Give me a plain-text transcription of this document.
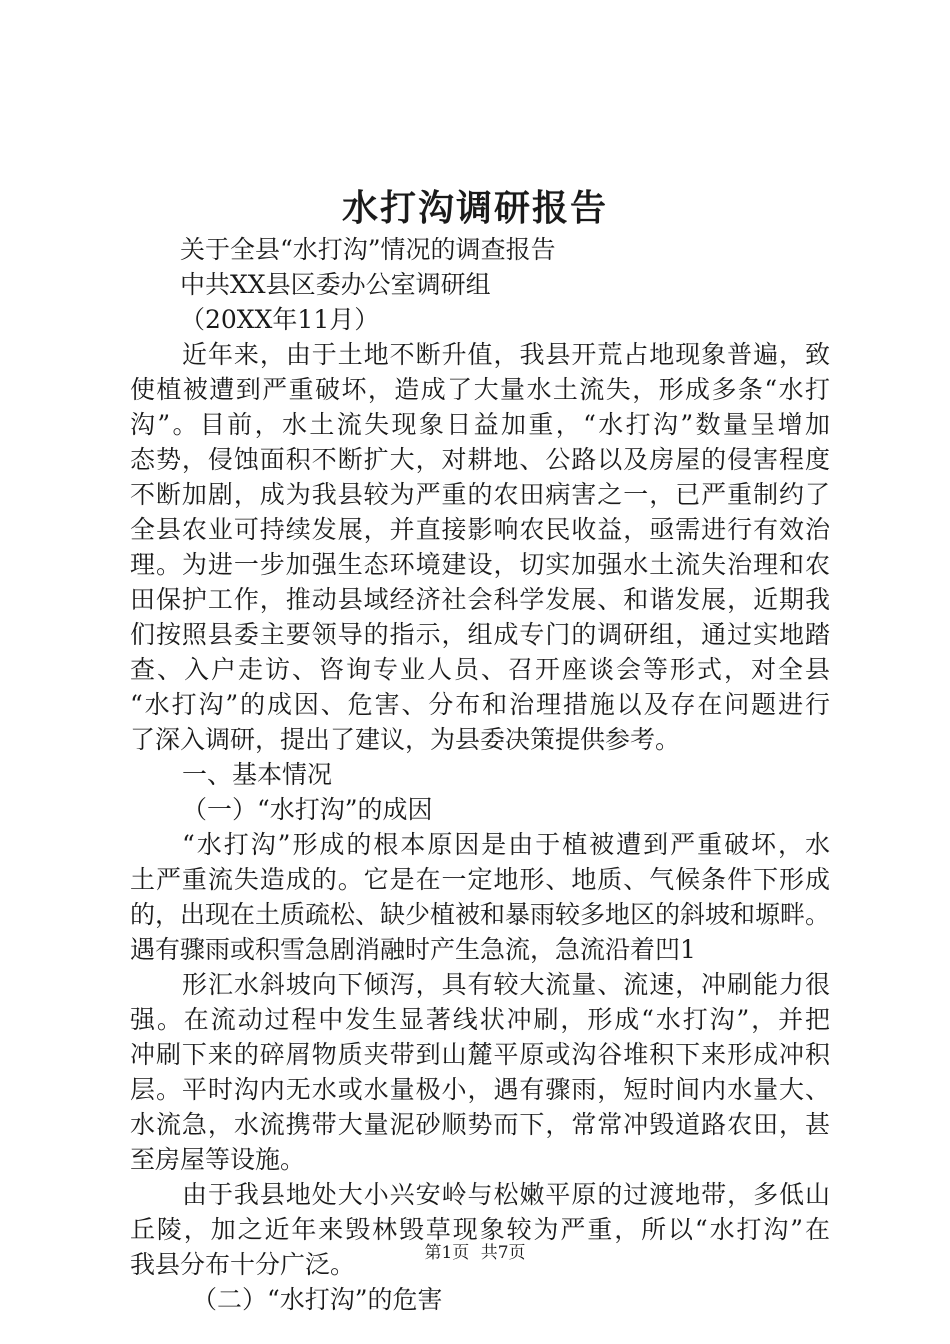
水打沟调研报告

关于全县“水打沟”情况的调查报告

中共XX县区委办公室调研组

（20XX年11月）

近年来，由于土地不断升值，我县开荒占地现象普遍，致

使植被遭到严重破坏，造成了大量水土流失，形成多条“水打

沟”。目前，水土流失现象日益加重，“水打沟”数量呈增加

态势，侵蚀面积不断扩大，对耕地、公路以及房屋的侵害程度

不断加剧，成为我县较为严重的农田病害之一，已严重制约了

全县农业可持续发展，并直接影响农民收益，亟需进行有效治

理。为进一步加强生态环境建设，切实加强水土流失治理和农

田保护工作，推动县域经济社会科学发展、和谐发展，近期我

们按照县委主要领导的指示，组成专门的调研组，通过实地踏

查、入户走访、咨询专业人员、召开座谈会等形式，对全县

“水打沟”的成因、危害、分布和治理措施以及存在问题进行

了深入调研，提出了建议，为县委决策提供参考。

一、基本情况

（一）“水打沟”的成因

“水打沟”形成的根本原因是由于植被遭到严重破坏，水

土严重流失造成的。它是在一定地形、地质、气候条件下形成

的，出现在土质疏松、缺少植被和暴雨较多地区的斜坡和塬畔。

遇有骤雨或积雪急剧消融时产生急流，急流沿着凹1

形汇水斜坡向下倾泻，具有较大流量、流速，冲刷能力很

强。在流动过程中发生显著线状冲刷，形成“水打沟”，并把

冲刷下来的碎屑物质夹带到山麓平原或沟谷堆积下来形成冲积

层。平时沟内无水或水量极小，遇有骤雨，短时间内水量大、

水流急，水流携带大量泥砂顺势而下，常常冲毁道路农田，甚

至房屋等设施。

由于我县地处大小兴安岭与松嫩平原的过渡地带，多低山

丘陵，加之近年来毁林毁草现象较为严重，所以“水打沟”在

我县分布十分广泛。

（二）“水打沟”的危害

第1页 共7页
